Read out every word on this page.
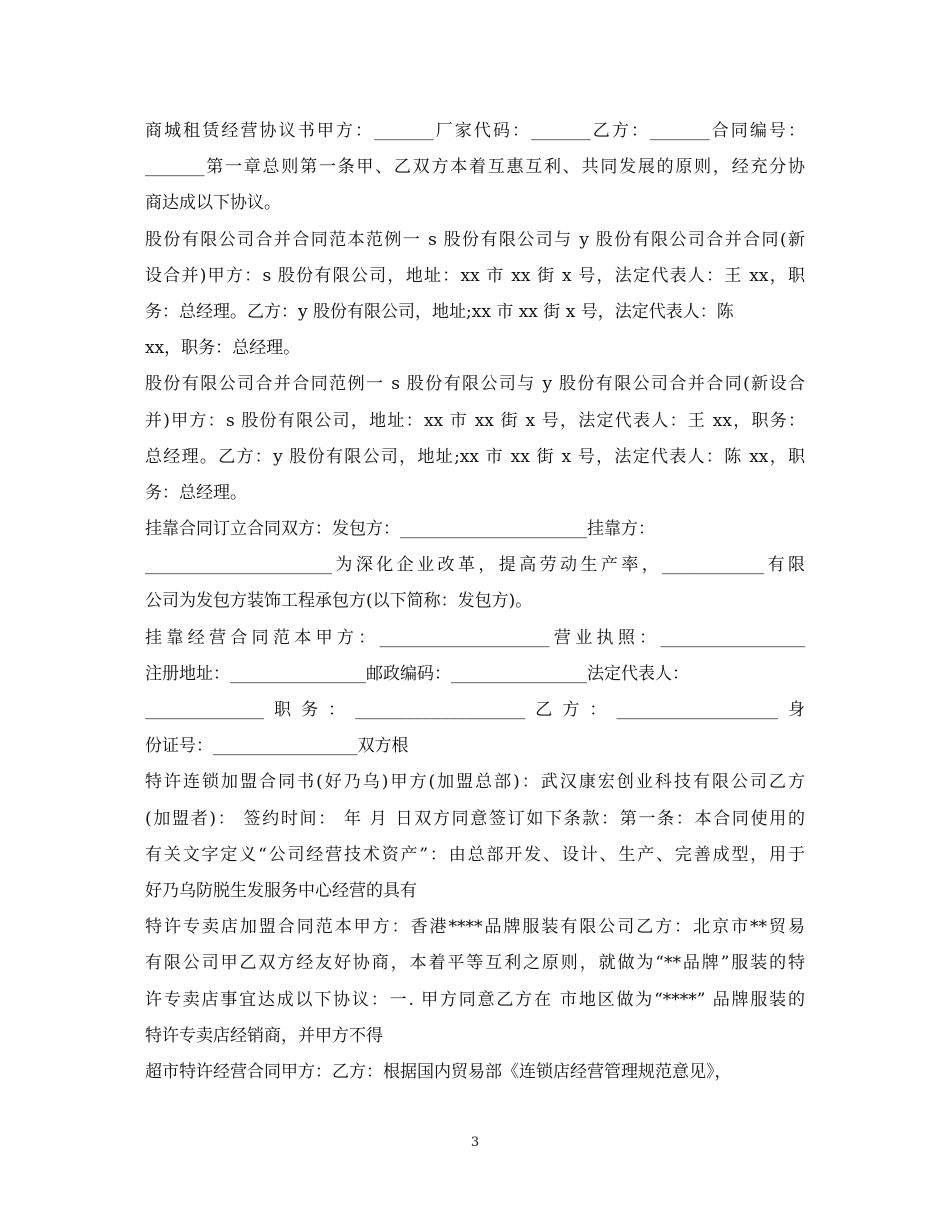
商城租赁经营协议书甲方：_______厂家代码：_______乙方：_______合同编号：
_______第一章总则第一条甲、乙双方本着互惠互利、共同发展的原则，经充分协
商达成以下协议。
股份有限公司合并合同范本范例一 s 股份有限公司与 y 股份有限公司合并合同(新
设合并)甲方：s 股份有限公司，地址：xx 市 xx 街 x 号，法定代表人：王 xx，职
务：总经理。乙方：y 股份有限公司，地址;xx 市 xx 街 x 号，法定代表人：陈
xx，职务：总经理。
股份有限公司合并合同范例一 s 股份有限公司与 y 股份有限公司合并合同(新设合
并)甲方：s 股份有限公司，地址：xx 市 xx 街 x 号，法定代表人：王 xx，职务：
总经理。乙方：y 股份有限公司，地址;xx 市 xx 街 x 号，法定代表人：陈 xx，职
务：总经理。
挂靠合同订立合同双方：发包方：______________________挂靠方：
______________________为深化企业改革，提高劳动生产率，____________有限
公司为发包方装饰工程承包方(以下简称：发包方)。
挂靠经营合同范本甲方：____________________营业执照：_________________
注册地址：________________邮政编码：________________法定代表人：
______________职务：____________________乙方：___________________身
份证号：_________________双方根
特许连锁加盟合同书(好乃乌)甲方(加盟总部)：武汉康宏创业科技有限公司乙方
(加盟者)： 签约时间： 年 月 日双方同意签订如下条款：第一条：本合同使用的
有关文字定义“公司经营技术资产”：由总部开发、设计、生产、完善成型，用于
好乃乌防脱生发服务中心经营的具有
特许专卖店加盟合同范本甲方：香港****品牌服装有限公司乙方：北京市**贸易
有限公司甲乙双方经友好协商，本着平等互利之原则，就做为“**品牌”服装的特
许专卖店事宜达成以下协议：一. 甲方同意乙方在 市地区做为“****” 品牌服装的
特许专卖店经销商，并甲方不得
超市特许经营合同甲方：乙方：根据国内贸易部《连锁店经营管理规范意见》，
3
